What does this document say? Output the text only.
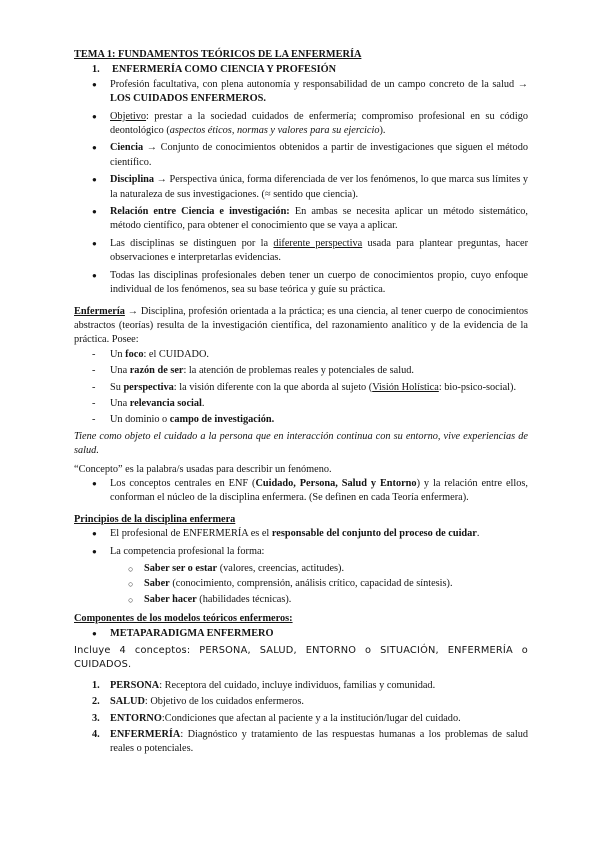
TEMA 1: FUNDAMENTOS TEÓRICOS DE LA ENFERMERÍA
1. ENFERMERÍA COMO CIENCIA Y PROFESIÓN
● Profesión facultativa, con plena autonomía y responsabilidad de un campo concreto de la salud → LOS CUIDADOS ENFERMEROS.
● Objetivo: prestar a la sociedad cuidados de enfermería; compromiso profesional en su código deontológico (aspectos éticos, normas y valores para su ejercicio).
● Ciencia → Conjunto de conocimientos obtenidos a partir de investigaciones que siguen el método científico.
● Disciplina → Perspectiva única, forma diferenciada de ver los fenómenos, lo que marca sus límites y la naturaleza de sus investigaciones. (≈ sentido que ciencia).
● Relación entre Ciencia e investigación: En ambas se necesita aplicar un método sistemático, método científico, para obtener el conocimiento que se vaya a aplicar.
● Las disciplinas se distinguen por la diferente perspectiva usada para plantear preguntas, hacer observaciones e interpretarlas evidencias.
● Todas las disciplinas profesionales deben tener un cuerpo de conocimientos propio, cuyo enfoque individual de los fenómenos, sea su base teórica y guíe su práctica.

Enfermería → Disciplina, profesión orientada a la práctica; es una ciencia, al tener cuerpo de conocimientos abstractos (teorías) resulta de la investigación científica, del razonamiento analítico y de la evidencia de la práctica. Posee:

- Un foco: el CUIDADO.
- Una razón de ser: la atención de problemas reales y potenciales de salud.
- Su perspectiva: la visión diferente con la que aborda al sujeto (Visión Holística: bio-psico-social).
- Una relevancia social.
- Un dominio o campo de investigación.

Tiene como objeto el cuidado a la persona que en interacción continua con su entorno, vive experiencias de salud.

“Concepto” es la palabra/s usadas para describir un fenómeno.

● Los conceptos centrales en ENF (Cuidado, Persona, Salud y Entorno) y la relación entre ellos, conforman el núcleo de la disciplina enfermera. (Se definen en cada Teoría enfermera).
Principios de la disciplina enfermera
● El profesional de ENFERMERÍA es el responsable del conjunto del proceso de cuidar.
● La competencia profesional la forma:
○ Saber ser o estar (valores, creencias, actitudes).
○ Saber (conocimiento, comprensión, análisis crítico, capacidad de síntesis).
○ Saber hacer (habilidades técnicas).
Componentes de los modelos teóricos enfermeros:
● METAPARADIGMA ENFERMERO

Incluye 4 conceptos: PERSONA, SALUD, ENTORNO o SITUACIÓN, ENFERMERÍA o CUIDADOS.

1. PERSONA: Receptora del cuidado, incluye individuos, familias y comunidad.
2. SALUD: Objetivo de los cuidados enfermeros.
3. ENTORNO:Condiciones que afectan al paciente y a la institución/lugar del cuidado.
4. ENFERMERÍA: Diagnóstico y tratamiento de las respuestas humanas a los problemas de salud reales o potenciales.
